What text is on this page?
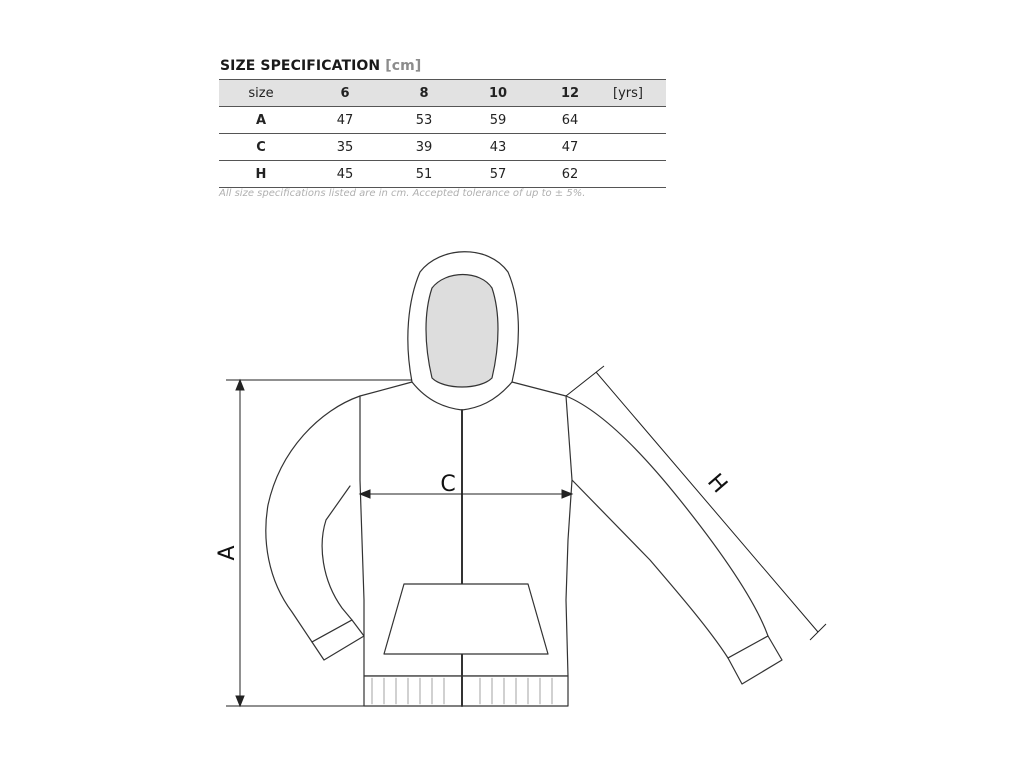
SIZE SPECIFICATION [cm]
size	6	8	10	12	[yrs]
A	47	53	59	64	
C	35	39	43	47	
H	45	51	57	62	
All size specifications listed are in cm. Accepted tolerance of up to ± 5%.
A
C	H
